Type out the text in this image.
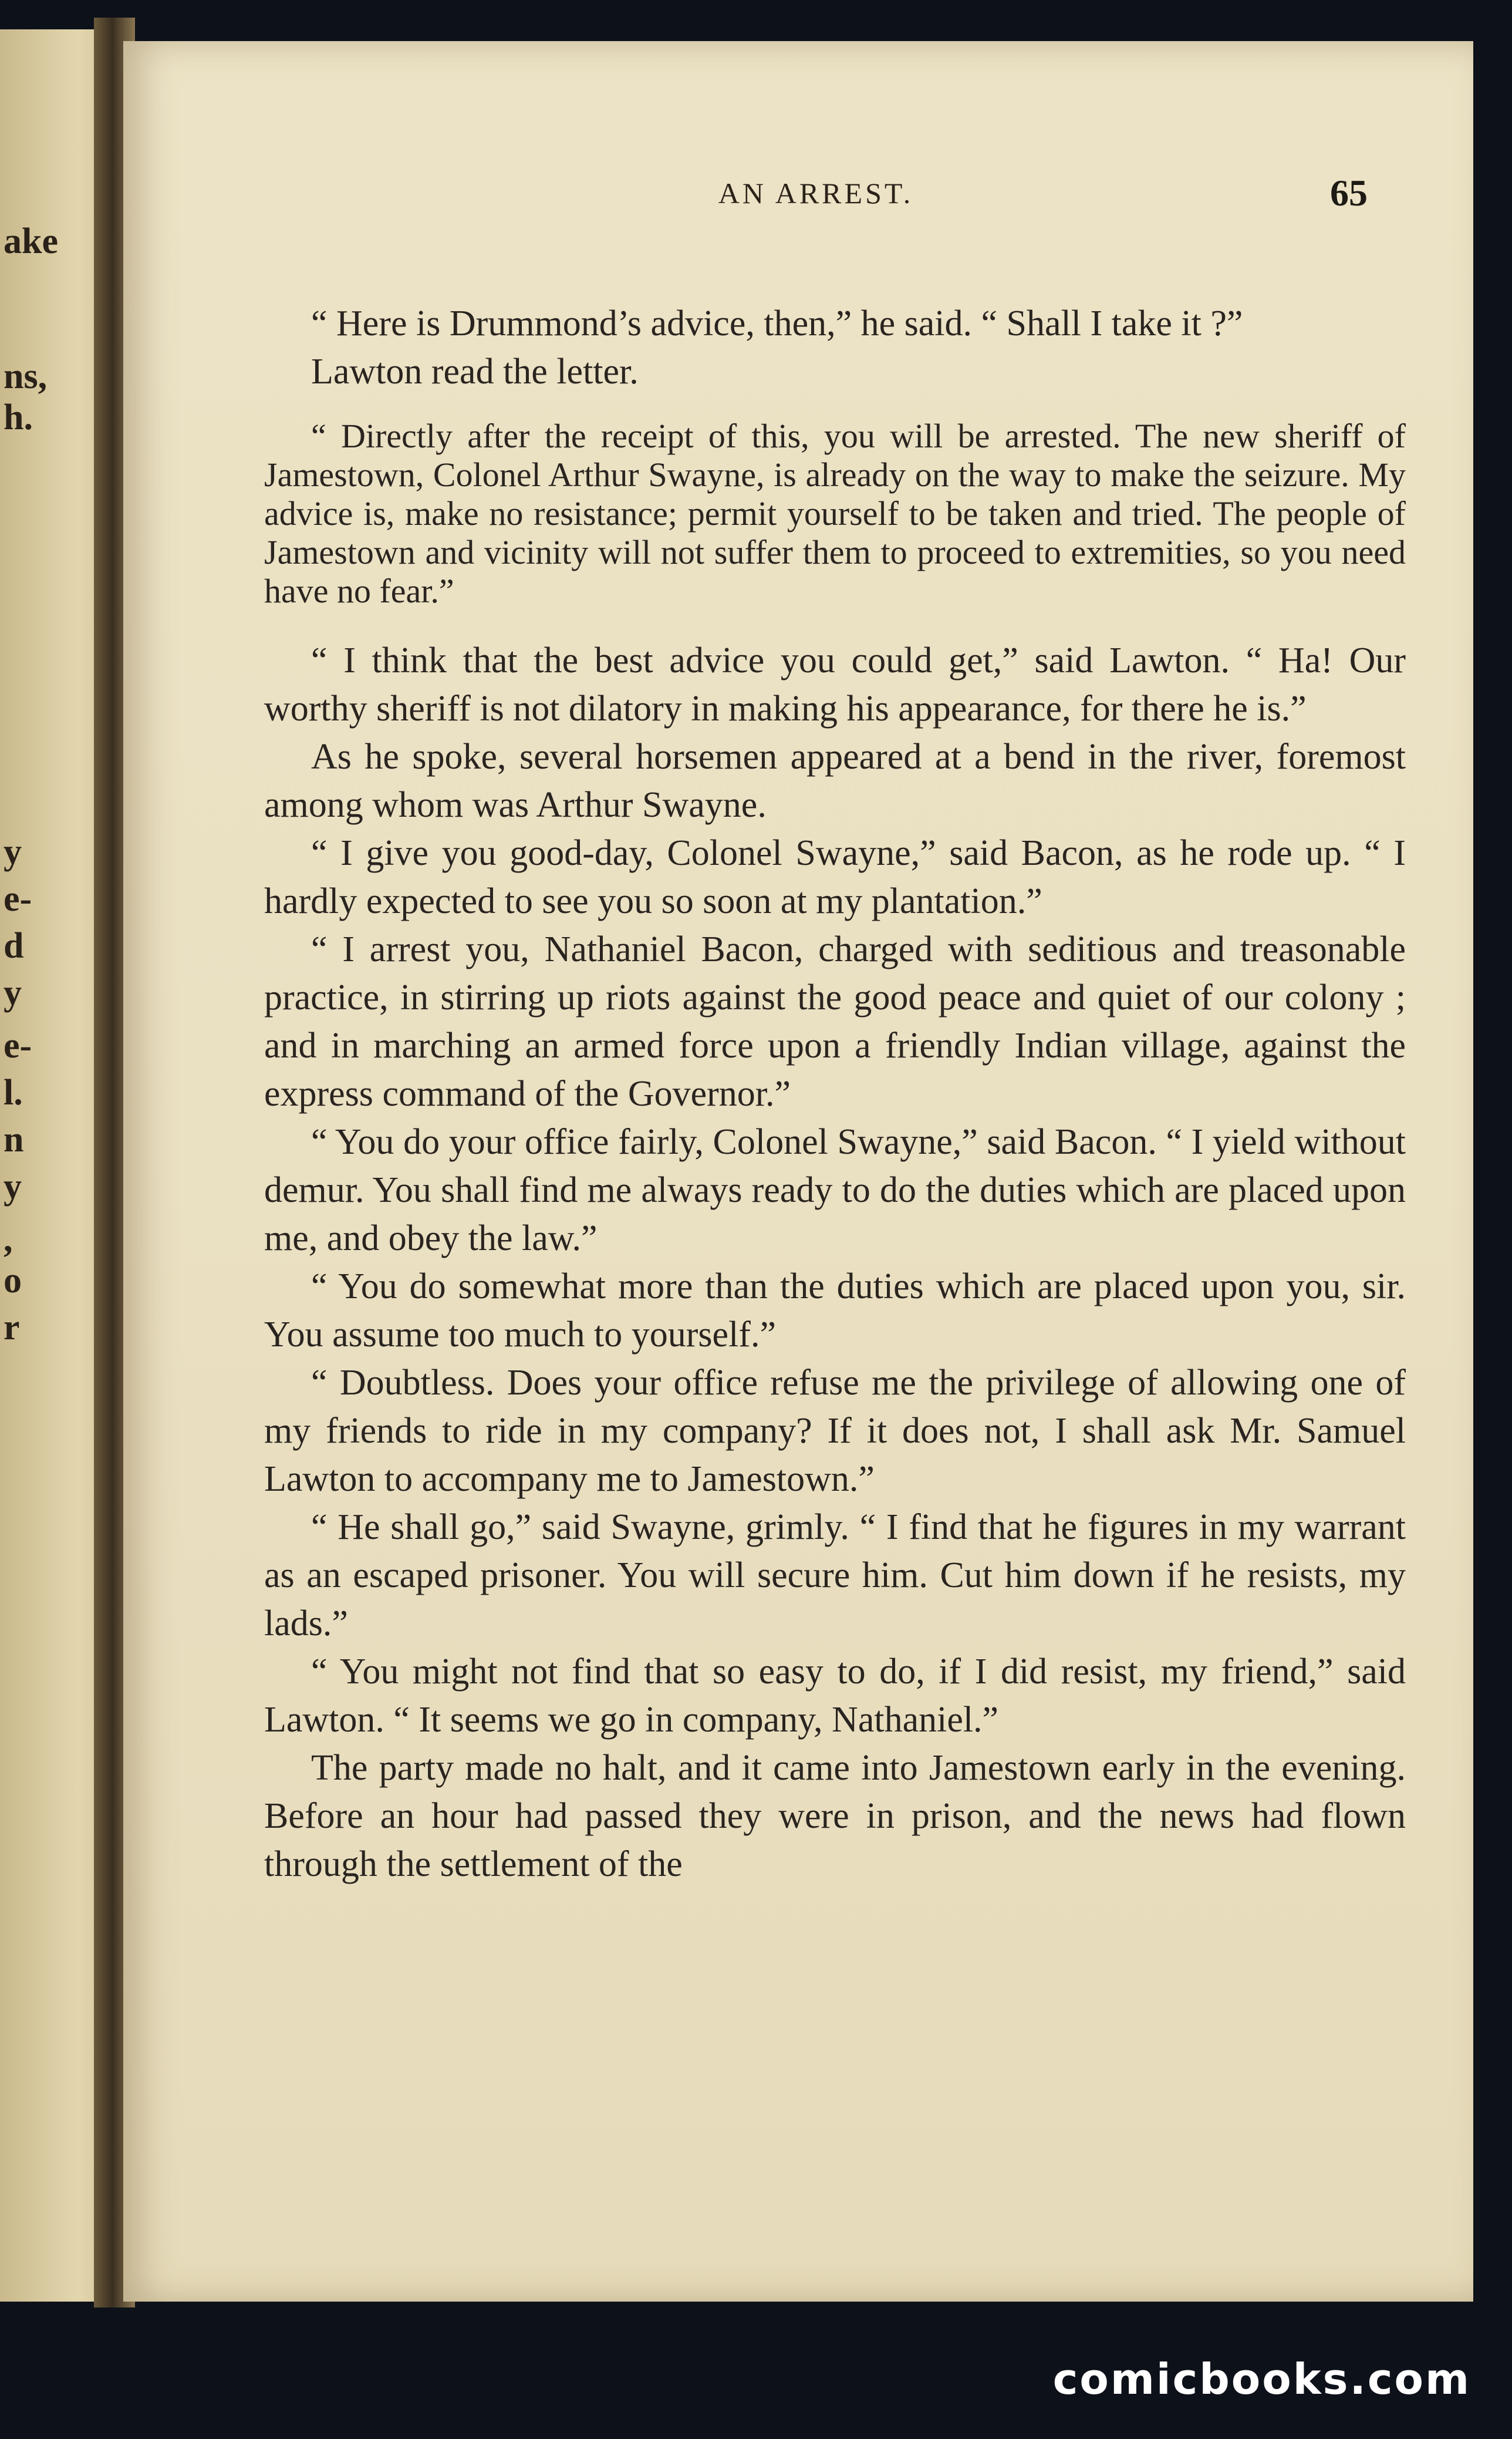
ake
ns,
h.
y
e-
d
y
e-
l.
n
y
,
o
r
AN ARREST.	65

“ Here is Drummond’s advice, then,” he said. “ Shall I take it ?”

Lawton read the letter.

“ Directly after the receipt of this, you will be arrested. The new sheriff of Jamestown, Colonel Arthur Swayne, is already on the way to make the seizure. My advice is, make no resistance; permit yourself to be taken and tried. The people of Jamestown and vicinity will not suffer them to proceed to extremities, so you need have no fear.”

“ I think that the best advice you could get,” said Lawton. “ Ha! Our worthy sheriff is not dilatory in making his appearance, for there he is.”

As he spoke, several horsemen appeared at a bend in the river, foremost among whom was Arthur Swayne.

“ I give you good-day, Colonel Swayne,” said Bacon, as he rode up. “ I hardly expected to see you so soon at my plantation.”

“ I arrest you, Nathaniel Bacon, charged with seditious and treasonable practice, in stirring up riots against the good peace and quiet of our colony ; and in marching an armed force upon a friendly Indian village, against the express command of the Governor.”

“ You do your office fairly, Colonel Swayne,” said Bacon. “ I yield without demur. You shall find me always ready to do the duties which are placed upon me, and obey the law.”

“ You do somewhat more than the duties which are placed upon you, sir. You assume too much to yourself.”

“ Doubtless. Does your office refuse me the privilege of allowing one of my friends to ride in my company? If it does not, I shall ask Mr. Samuel Lawton to accompany me to Jamestown.”

“ He shall go,” said Swayne, grimly. “ I find that he figures in my warrant as an escaped prisoner. You will secure him. Cut him down if he resists, my lads.”

“ You might not find that so easy to do, if I did resist, my friend,” said Lawton. “ It seems we go in company, Nathaniel.”

The party made no halt, and it came into Jamestown early in the evening. Before an hour had passed they were in prison, and the news had flown through the settlement of the

comicbooks.com
